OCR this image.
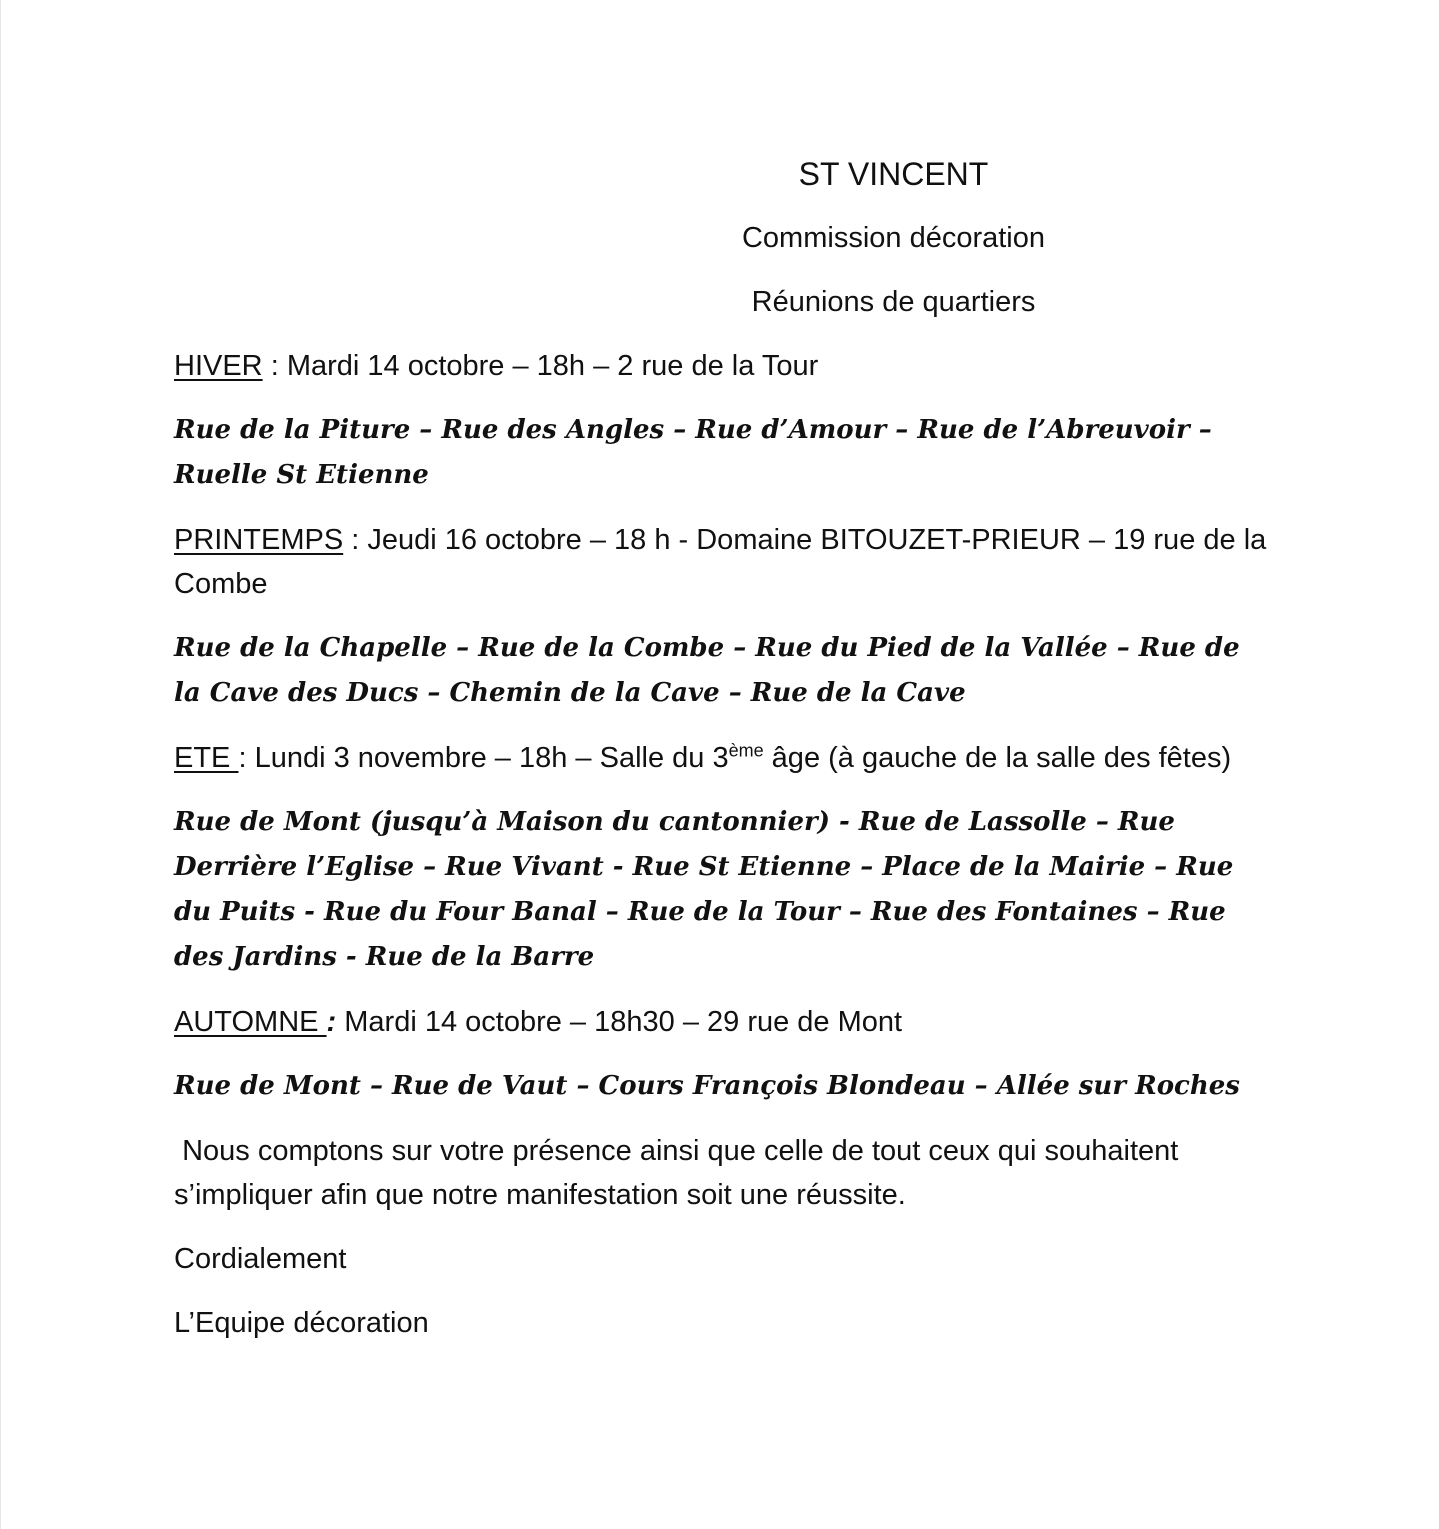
ST VINCENT
Commission décoration
Réunions de quartiers

HIVER : Mardi 14 octobre – 18h – 2 rue de la Tour

Rue de la Piture – Rue des Angles – Rue d’Amour – Rue de l’Abreuvoir – Ruelle St Etienne

PRINTEMPS : Jeudi 16 octobre – 18 h - Domaine BITOUZET-PRIEUR – 19 rue de la Combe

Rue de la Chapelle – Rue de la Combe – Rue du Pied de la Vallée – Rue de la Cave des Ducs – Chemin de la Cave – Rue de la Cave

ETE : Lundi 3 novembre – 18h – Salle du 3ème âge (à gauche de la salle des fêtes)

Rue de Mont (jusqu’à Maison du cantonnier) - Rue de Lassolle – Rue Derrière l’Eglise – Rue Vivant - Rue St Etienne – Place de la Mairie – Rue du Puits - Rue du Four Banal – Rue de la Tour – Rue des Fontaines – Rue des Jardins - Rue de la Barre

AUTOMNE : Mardi 14 octobre – 18h30 – 29 rue de Mont

Rue de Mont – Rue de Vaut – Cours François Blondeau – Allée sur Roches

Nous comptons sur votre présence ainsi que celle de tout ceux qui souhaitent s’impliquer afin que notre manifestation soit une réussite.

Cordialement

L’Equipe décoration
